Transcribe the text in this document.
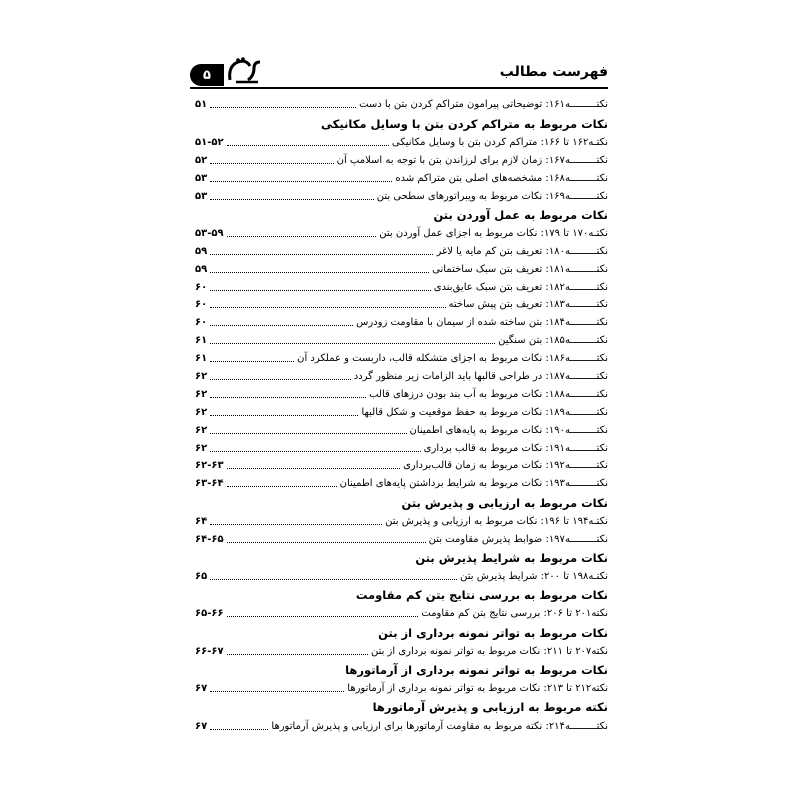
۵	فهرست مطالب
نکتـــــــــه
۱۶۱: توضیحاتی پیرامون متراکم کردن بتن با دست
۵۱
نکات مربوط به متراکم کردن بتن با وسایل مکانیکی
نکتـه
۱۶۲ تا ۱۶۶: متراکم کردن بتن با وسایل مکانیکی
۵۱-۵۲
نکتـــــــــه
۱۶۷: زمان لازم برای لرزاندن بتن با توجه به اسلامپ آن
۵۲
نکتـــــــــه
۱۶۸: مشخصه‌های اصلی بتن متراکم شده
۵۳
نکتـــــــــه
۱۶۹: نکات مربوط به ویبراتورهای سطحی بتن
۵۳
نکات مربوط به عمل آوردن بتن
نکتـه
۱۷۰ تا ۱۷۹: نکات مربوط به اجزای عمل آوردن بتن
۵۳-۵۹
نکتـــــــــه
۱۸۰: تعریف بتن کم مایه یا لاغر
۵۹
نکتـــــــــه
۱۸۱: تعریف بتن سبک ساختمانی
۵۹
نکتـــــــــه
۱۸۲: تعریف بتن سبک عایق‌بندی
۶۰
نکتـــــــــه
۱۸۳: تعریف بتن پیش ساخته
۶۰
نکتـــــــــه
۱۸۴: بتن ساخته شده از سیمان با مقاومت زودرس
۶۰
نکتـــــــــه
۱۸۵: بتن سنگین
۶۱
نکتـــــــــه
۱۸۶: نکات مربوط به اجزای متشکله قالب، داربست و عملکرد آن
۶۱
نکتـــــــــه
۱۸۷: در طراحی قالبها باید الزامات زیر منظور گردد
۶۲
نکتـــــــــه
۱۸۸: نکات مربوط به آب بند بودن درزهای قالب
۶۲
نکتـــــــــه
۱۸۹: نکات مربوط به حفظ موقعیت و شکل قالبها
۶۲
نکتـــــــــه
۱۹۰: نکات مربوط به پایه‌های اطمینان
۶۲
نکتـــــــــه
۱۹۱: نکات مربوط به قالب برداری
۶۲
نکتـــــــــه
۱۹۲: نکات مربوط به زمان قالب‌برداری
۶۲-۶۳
نکتـــــــــه
۱۹۳: نکات مربوط به شرایط برداشتن پایه‌های اطمینان
۶۳-۶۴
نکات مربوط به ارزیابی و پذیرش بتن
نکتـه
۱۹۴ تا ۱۹۶: نکات مربوط به ارزیابی و پذیرش بتن
۶۴
نکتـــــــــه
۱۹۷: ضوابط پذیرش مقاومت بتن
۶۴-۶۵
نکات مربوط به شرایط پذیرش بتن
نکتـه
۱۹۸ تا ۲۰۰: شرایط پذیرش بتن
۶۵
نکات مربوط به بررسی نتایج بتن کم مقاومت
نکته
۲۰۱ تا ۲۰۶: بررسی نتایج بتن کم مقاومت
۶۵-۶۶
نکات مربوط به تواتر نمونه برداری از بتن
نکته
۲۰۷ تا ۲۱۱: نکات مربوط به تواتر نمونه برداری از بتن
۶۶-۶۷
نکات مربوط به تواتر نمونه برداری از آرماتورها
نکته
۲۱۲ تا ۲۱۳: نکات مربوط به تواتر نمونه برداری از آرماتورها
۶۷
نکته مربوط به ارزیابی و پذیرش آرماتورها
نکتـــــــــه
۲۱۴: نکته مربوط به مقاومت آرماتورها برای ارزیابی و پذیرش آرماتورها
۶۷
